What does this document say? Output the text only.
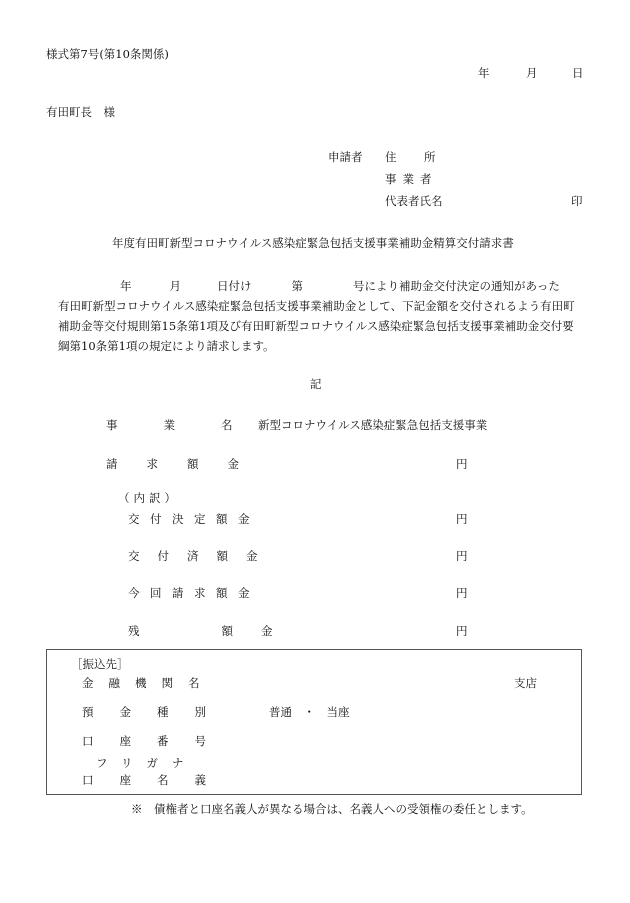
様式第7号(第10条関係)
年	月	日
有田町長　様
申請者 住　所
事業者
代表者氏名	印
年度有田町新型コロナウイルス感染症緊急包括支援事業補助金精算交付請求書
年	月	日付け	第	号により補助金交付決定の通知があった
有田町新型コロナウイルス感染症緊急包括支援事業補助金として、下記金額を交付されるよう有田町
補助金等交付規則第15条第1項及び有田町新型コロナウイルス感染症緊急包括支援事業補助金交付要
綱第10条第1項の規定により請求します。
記
事業名
新型コロナウイルス感染症緊急包括支援事業
請求額金	円
（内訳）
交付決定額金	円
交付済額金	円
今回請求額金	円
残	額 金	円
［振込先］
金融機関名	支店
預金種別	普通　・　当座
口座番号
フリガナ
口座名義
※　債権者と口座名義人が異なる場合は、名義人への受領権の委任とします。
